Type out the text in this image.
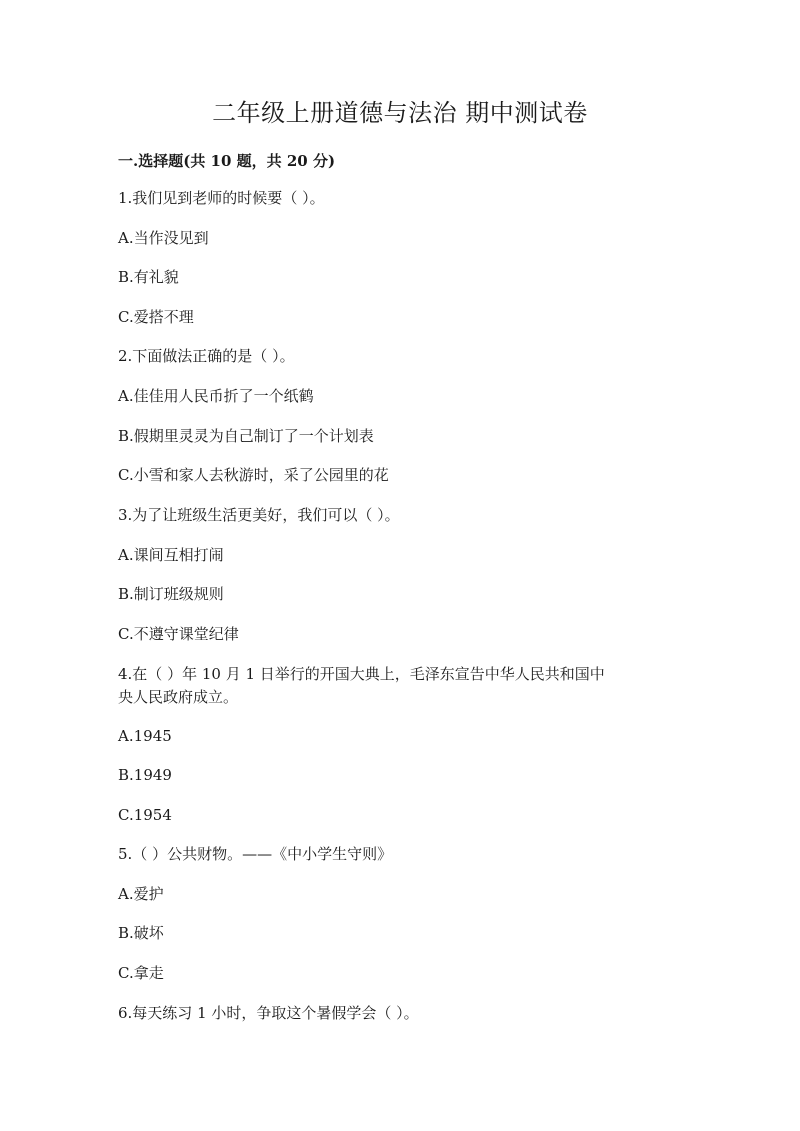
二年级上册道德与法治 期中测试卷
一.选择题(共 10 题，共 20 分)
1.我们见到老师的时候要（ ）。
A.当作没见到
B.有礼貌
C.爱搭不理
2.下面做法正确的是（ ）。
A.佳佳用人民币折了一个纸鹤
B.假期里灵灵为自己制订了一个计划表
C.小雪和家人去秋游时，采了公园里的花
3.为了让班级生活更美好，我们可以（ ）。
A.课间互相打闹
B.制订班级规则
C.不遵守课堂纪律
4.在（ ）年 10 月 1 日举行的开国大典上，毛泽东宣告中华人民共和国中
央人民政府成立。
A.1945
B.1949
C.1954
5.（ ）公共财物。——《中小学生守则》
A.爱护
B.破坏
C.拿走
6.每天练习 1 小时，争取这个暑假学会（ ）。
